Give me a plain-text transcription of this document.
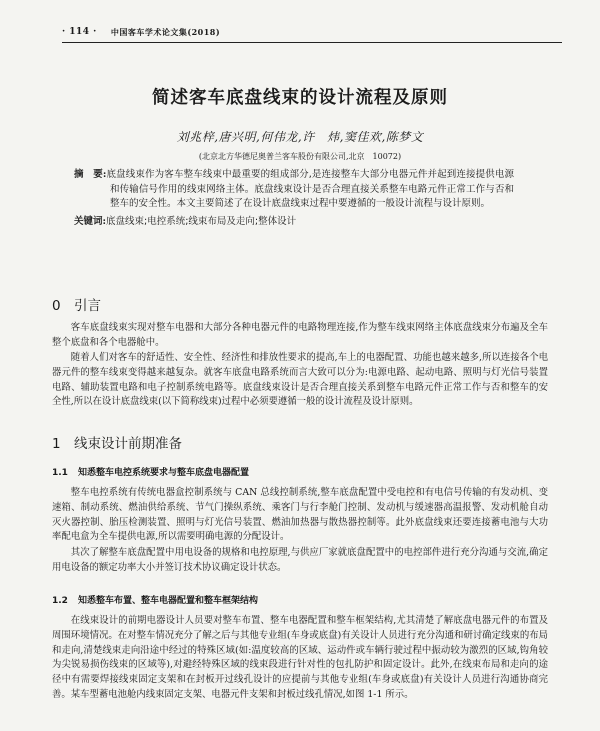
· 114 · 中国客车学术论文集(2018)
简述客车底盘线束的设计流程及原则
刘兆梓,唐兴明,何伟龙,许　炜,窦佳欢,陈梦文
(北京北方华德尼奥普兰客车股份有限公司,北京　10072)
摘　要:底盘线束作为客车整车线束中最重要的组成部分,是连接整车大部分电器元件并起到连接提供电源和传输信号作用的线束网络主体。底盘线束设计是否合理直接关系整车电路元件正常工作与否和整车的安全性。本文主要简述了在设计底盘线束过程中要遵循的一般设计流程与设计原则。
关键词:底盘线束;电控系统;线束布局及走向;整体设计
0 引言
客车底盘线束实现对整车电器和大部分各种电器元件的电路物理连接,作为整车线束网络主体底盘线束分布遍及全车整个底盘和各个电器舱中。
随着人们对客车的舒适性、安全性、经济性和排放性要求的提高,车上的电器配置、功能也越来越多,所以连接各个电器元件的整车线束变得越来越复杂。就客车底盘电路系统而言大致可以分为:电源电路、起动电路、照明与灯光信号装置电路、辅助装置电路和电子控制系统电路等。底盘线束设计是否合理直接关系到整车电路元件正常工作与否和整车的安全性,所以在设计底盘线束(以下简称线束)过程中必须要遵循一般的设计流程及设计原则。
1 线束设计前期准备
1.1 知悉整车电控系统要求与整车底盘电器配置
整车电控系统有传统电器盒控制系统与 CAN 总线控制系统,整车底盘配置中受电控和有电信号传输的有发动机、变速箱、制动系统、燃油供给系统、节气门操纵系统、乘客门与行李舱门控制、发动机与缓速器高温报警、发动机舱自动灭火器控制、胎压检测装置、照明与灯光信号装置、燃油加热器与散热器控制等。此外底盘线束还要连接蓄电池与大功率配电盒为全车提供电源,所以需要明确电源的分配设计。
其次了解整车底盘配置中用电设备的规格和电控原理,与供应厂家就底盘配置中的电控部件进行充分沟通与交流,确定用电设备的额定功率大小并签订技术协议确定设计状态。
1.2 知悉整车布置、整车电器配置和整车框架结构
在线束设计的前期电器设计人员要对整车布置、整车电器配置和整车框架结构,尤其清楚了解底盘电器元件的布置及周围环境情况。在对整车情况充分了解之后与其他专业组(车身或底盘)有关设计人员进行充分沟通和研讨确定线束的布局和走向,清楚线束走向沿途中经过的特殊区域(如:温度较高的区域、运动件或车辆行驶过程中振动较为激烈的区域,钩角较为尖锐易损伤线束的区域等),对避经特殊区域的线束段进行针对性的包扎防护和固定设计。此外,在线束布局和走向的途径中有需要焊接线束固定支架和在封板开过线孔设计的应提前与其他专业组(车身或底盘)有关设计人员进行沟通协商完善。某车型蓄电池舱内线束固定支架、电器元件支架和封板过线孔情况,如图 1-1 所示。
